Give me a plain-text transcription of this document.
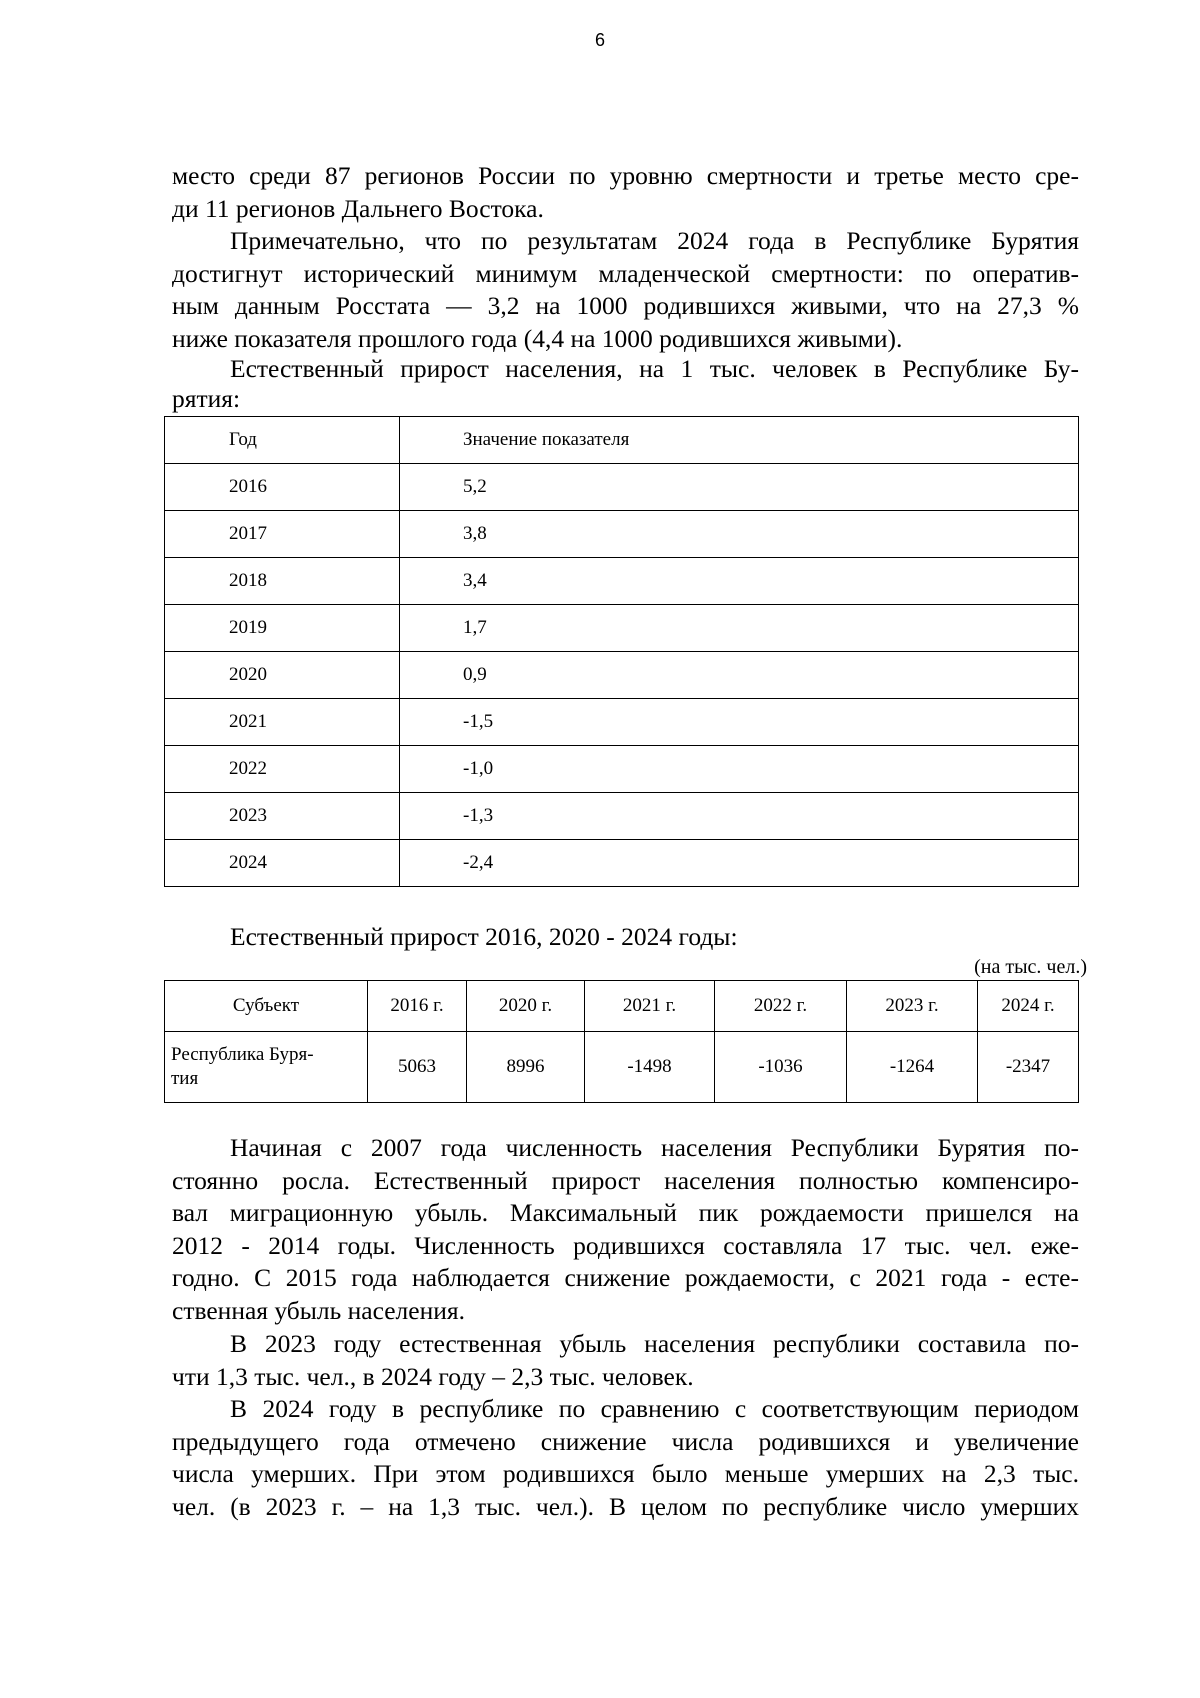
6

место среди 87 регионов России по уровню смертности и третье место сре-
ди 11 регионов Дальнего Востока.

Примечательно, что по результатам 2024 года в Республике Бурятия
достигнут исторический минимум младенческой смертности: по оператив-
ным данным Росстата — 3,2 на 1000 родившихся живыми, что на 27,3 %
ниже показателя прошлого года (4,4 на 1000 родившихся живыми).

Естественный прирост населения, на 1 тыс. человек в Республике Бу-
рятия:

Год	Значение показателя
2016	5,2
2017	3,8
2018	3,4
2019	1,7
2020	0,9
2021	-1,5
2022	-1,0
2023	-1,3
2024	-2,4
Естественный прирост 2016, 2020 - 2024 годы:
(на тыс. чел.)
Субъект	2016 г.	2020 г.	2021 г.	2022 г.	2023 г.	2024 г.
Республика Буря-
тия	5063	8996	-1498	-1036	-1264	-2347

Начиная с 2007 года численность населения Республики Бурятия по-
стоянно росла. Естественный прирост населения полностью компенсиро-
вал миграционную убыль. Максимальный пик рождаемости пришелся на
2012 - 2014 годы. Численность родившихся составляла 17 тыс. чел. еже-
годно. С 2015 года наблюдается снижение рождаемости, с 2021 года - есте-
ственная убыль населения.

В 2023 году естественная убыль населения республики составила по-
чти 1,3 тыс. чел., в 2024 году – 2,3 тыс. человек.

В 2024 году в республике по сравнению с соответствующим периодом
предыдущего года отмечено снижение числа родившихся и увеличение
числа умерших. При этом родившихся было меньше умерших на 2,3 тыс.
чел. (в 2023 г. – на 1,3 тыс. чел.). В целом по республике число умерших
